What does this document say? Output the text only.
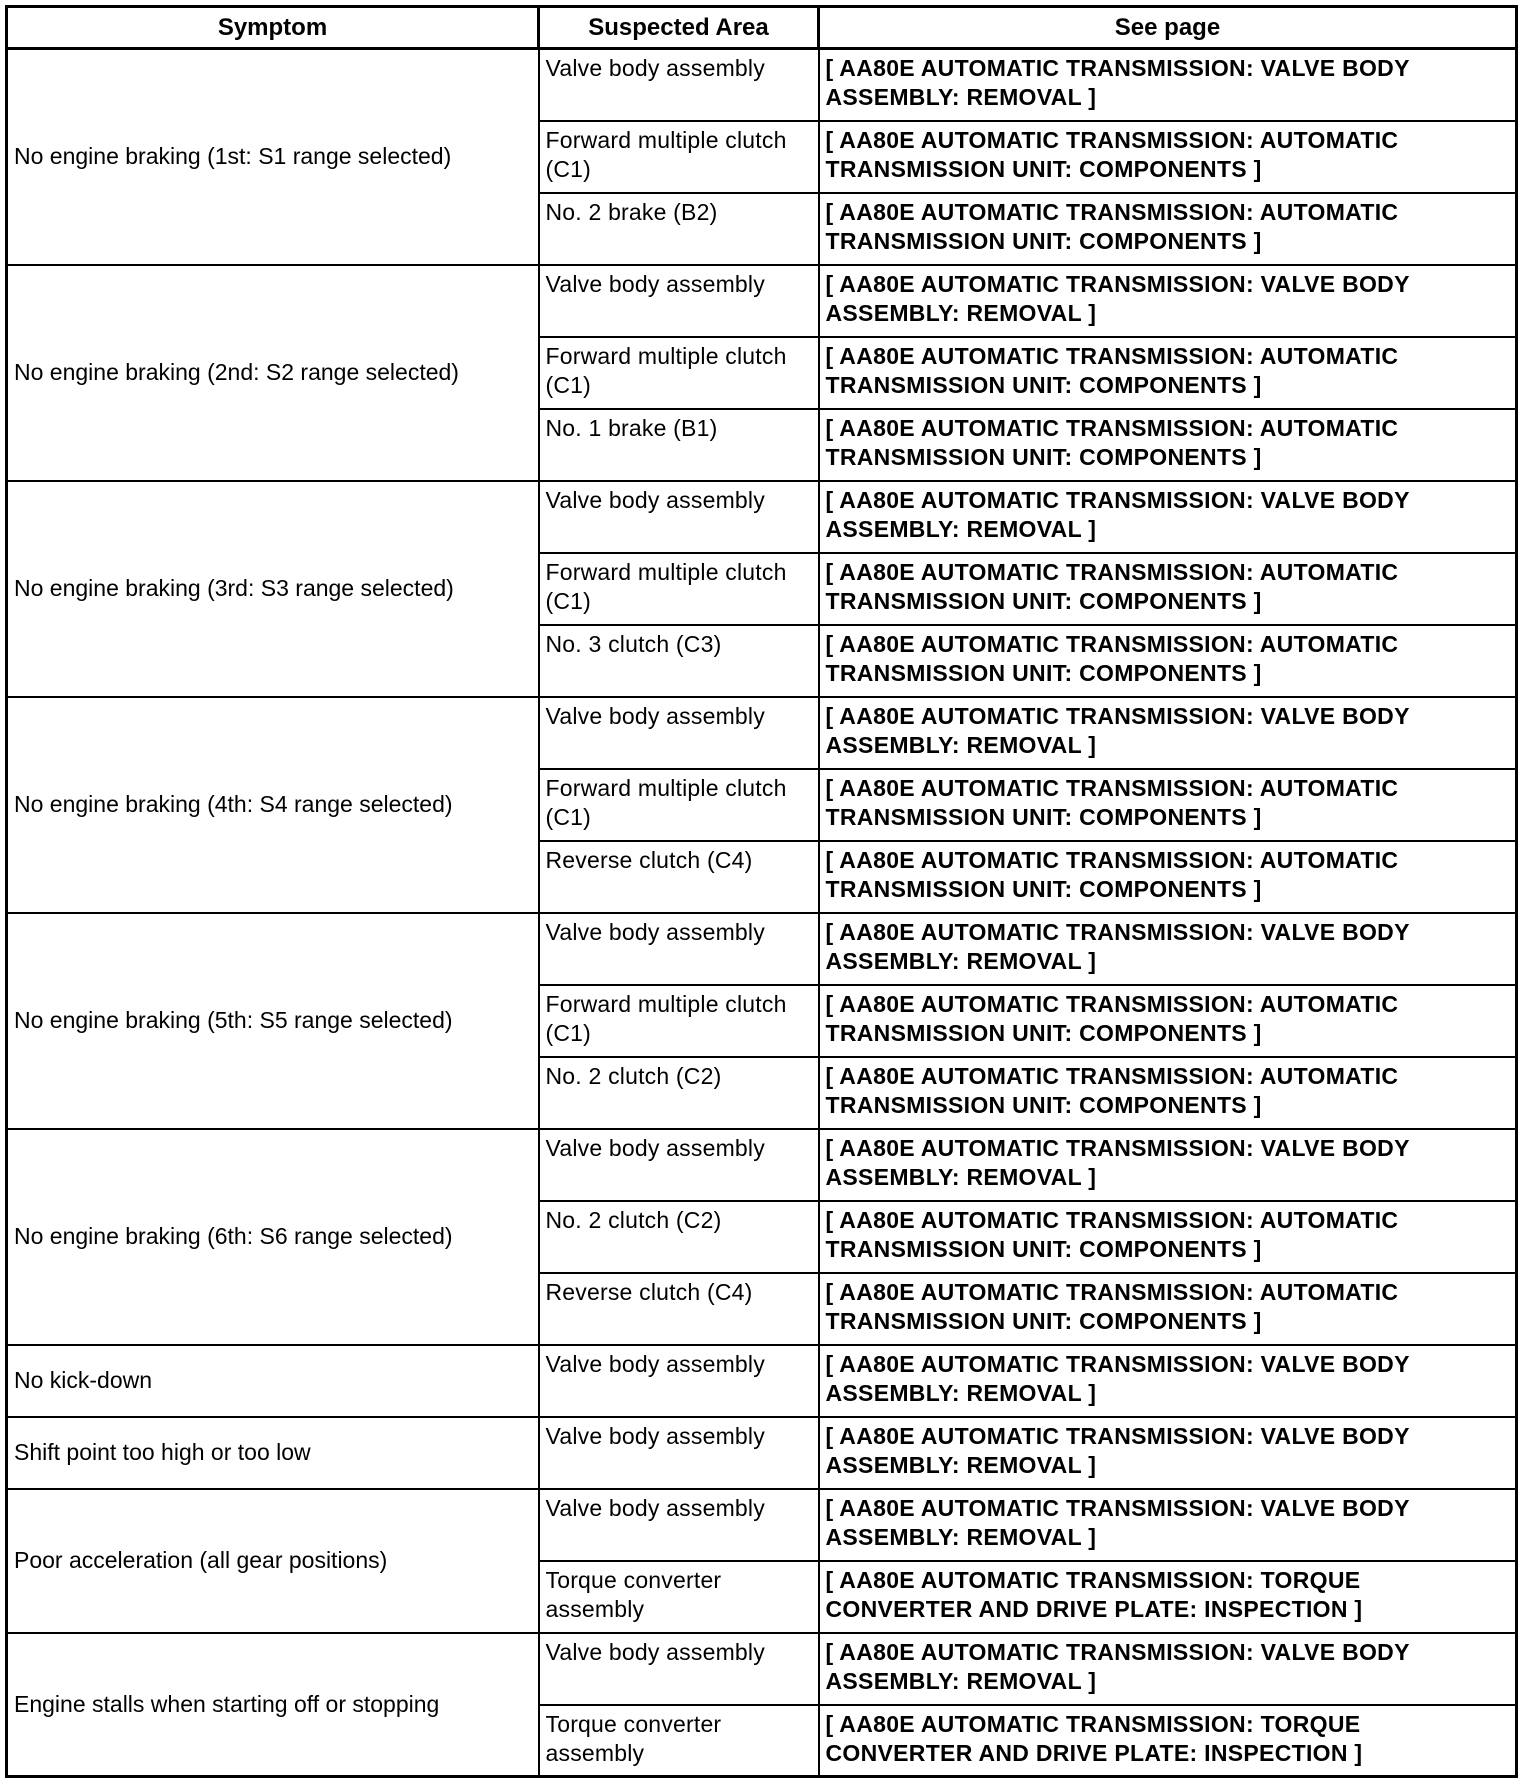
Symptom	Suspected Area	See page
No engine braking (1st: S1 range selected)	Valve body assembly	[ AA80E AUTOMATIC TRANSMISSION: VALVE BODY ASSEMBLY: REMOVAL ]
	Forward multiple clutch (C1)	[ AA80E AUTOMATIC TRANSMISSION: AUTOMATIC TRANSMISSION UNIT: COMPONENTS ]
	No. 2 brake (B2)	[ AA80E AUTOMATIC TRANSMISSION: AUTOMATIC TRANSMISSION UNIT: COMPONENTS ]
No engine braking (2nd: S2 range selected)	Valve body assembly	[ AA80E AUTOMATIC TRANSMISSION: VALVE BODY ASSEMBLY: REMOVAL ]
	Forward multiple clutch (C1)	[ AA80E AUTOMATIC TRANSMISSION: AUTOMATIC TRANSMISSION UNIT: COMPONENTS ]
	No. 1 brake (B1)	[ AA80E AUTOMATIC TRANSMISSION: AUTOMATIC TRANSMISSION UNIT: COMPONENTS ]
No engine braking (3rd: S3 range selected)	Valve body assembly	[ AA80E AUTOMATIC TRANSMISSION: VALVE BODY ASSEMBLY: REMOVAL ]
	Forward multiple clutch (C1)	[ AA80E AUTOMATIC TRANSMISSION: AUTOMATIC TRANSMISSION UNIT: COMPONENTS ]
	No. 3 clutch (C3)	[ AA80E AUTOMATIC TRANSMISSION: AUTOMATIC TRANSMISSION UNIT: COMPONENTS ]
No engine braking (4th: S4 range selected)	Valve body assembly	[ AA80E AUTOMATIC TRANSMISSION: VALVE BODY ASSEMBLY: REMOVAL ]
	Forward multiple clutch (C1)	[ AA80E AUTOMATIC TRANSMISSION: AUTOMATIC TRANSMISSION UNIT: COMPONENTS ]
	Reverse clutch (C4)	[ AA80E AUTOMATIC TRANSMISSION: AUTOMATIC TRANSMISSION UNIT: COMPONENTS ]
No engine braking (5th: S5 range selected)	Valve body assembly	[ AA80E AUTOMATIC TRANSMISSION: VALVE BODY ASSEMBLY: REMOVAL ]
	Forward multiple clutch (C1)	[ AA80E AUTOMATIC TRANSMISSION: AUTOMATIC TRANSMISSION UNIT: COMPONENTS ]
	No. 2 clutch (C2)	[ AA80E AUTOMATIC TRANSMISSION: AUTOMATIC TRANSMISSION UNIT: COMPONENTS ]
No engine braking (6th: S6 range selected)	Valve body assembly	[ AA80E AUTOMATIC TRANSMISSION: VALVE BODY ASSEMBLY: REMOVAL ]
	No. 2 clutch (C2)	[ AA80E AUTOMATIC TRANSMISSION: AUTOMATIC TRANSMISSION UNIT: COMPONENTS ]
	Reverse clutch (C4)	[ AA80E AUTOMATIC TRANSMISSION: AUTOMATIC TRANSMISSION UNIT: COMPONENTS ]
No kick-down	Valve body assembly	[ AA80E AUTOMATIC TRANSMISSION: VALVE BODY ASSEMBLY: REMOVAL ]
Shift point too high or too low	Valve body assembly	[ AA80E AUTOMATIC TRANSMISSION: VALVE BODY ASSEMBLY: REMOVAL ]
Poor acceleration (all gear positions)	Valve body assembly	[ AA80E AUTOMATIC TRANSMISSION: VALVE BODY ASSEMBLY: REMOVAL ]
	Torque converter assembly	[ AA80E AUTOMATIC TRANSMISSION: TORQUE CONVERTER AND DRIVE PLATE: INSPECTION ]
Engine stalls when starting off or stopping	Valve body assembly	[ AA80E AUTOMATIC TRANSMISSION: VALVE BODY ASSEMBLY: REMOVAL ]
	Torque converter assembly	[ AA80E AUTOMATIC TRANSMISSION: TORQUE CONVERTER AND DRIVE PLATE: INSPECTION ]
